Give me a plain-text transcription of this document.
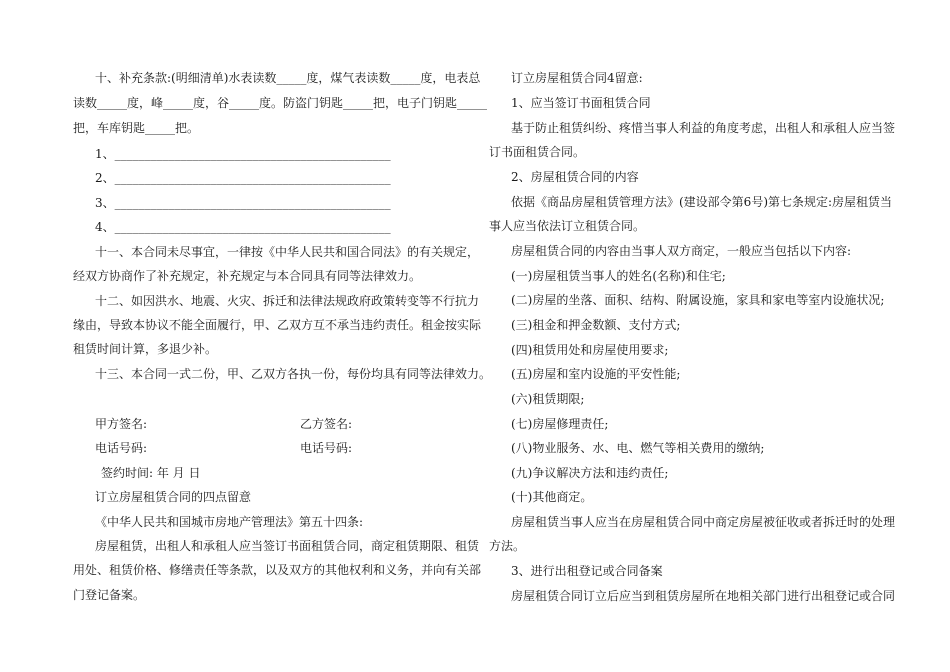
十、补充条款:(明细清单)水表读数_____度，煤气表读数_____度，电表总
读数_____度，峰_____度，谷_____度。防盗门钥匙_____把，电子门钥匙_____
把，车库钥匙_____把。
1、______________________________________________
2、______________________________________________
3、______________________________________________
4、______________________________________________
十一、本合同未尽事宜，一律按《中华人民共和国合同法》的有关规定，
经双方协商作了补充规定，补充规定与本合同具有同等法律效力。
十二、如因洪水、地震、火灾、拆迁和法律法规政府政策转变等不行抗力
缘由，导致本协议不能全面履行，甲、乙双方互不承当违约责任。租金按实际
租赁时间计算，多退少补。
十三、本合同一式二份，甲、乙双方各执一份，每份均具有同等法律效力。
甲方签名:	乙方签名:
电话号码:	电话号码:
签约时间: 年 月 日
订立房屋租赁合同的四点留意
《中华人民共和国城市房地产管理法》第五十四条:
房屋租赁，出租人和承租人应当签订书面租赁合同，商定租赁期限、租赁
用处、租赁价格、修缮责任等条款，以及双方的其他权利和义务，并向有关部
门登记备案。
订立房屋租赁合同4留意:
1、应当签订书面租赁合同
基于防止租赁纠纷、疼惜当事人利益的角度考虑，出租人和承租人应当签
订书面租赁合同。
2、房屋租赁合同的内容
依据《商品房屋租赁管理方法》(建设部令第6号)第七条规定:房屋租赁当
事人应当依法订立租赁合同。
房屋租赁合同的内容由当事人双方商定，一般应当包括以下内容:
(一)房屋租赁当事人的姓名(名称)和住宅;
(二)房屋的坐落、面积、结构、附属设施，家具和家电等室内设施状况;
(三)租金和押金数额、支付方式;
(四)租赁用处和房屋使用要求;
(五)房屋和室内设施的平安性能;
(六)租赁期限;
(七)房屋修理责任;
(八)物业服务、水、电、燃气等相关费用的缴纳;
(九)争议解决方法和违约责任;
(十)其他商定。
房屋租赁当事人应当在房屋租赁合同中商定房屋被征收或者拆迁时的处理
方法。
3、进行出租登记或合同备案
房屋租赁合同订立后应当到租赁房屋所在地相关部门进行出租登记或合同
